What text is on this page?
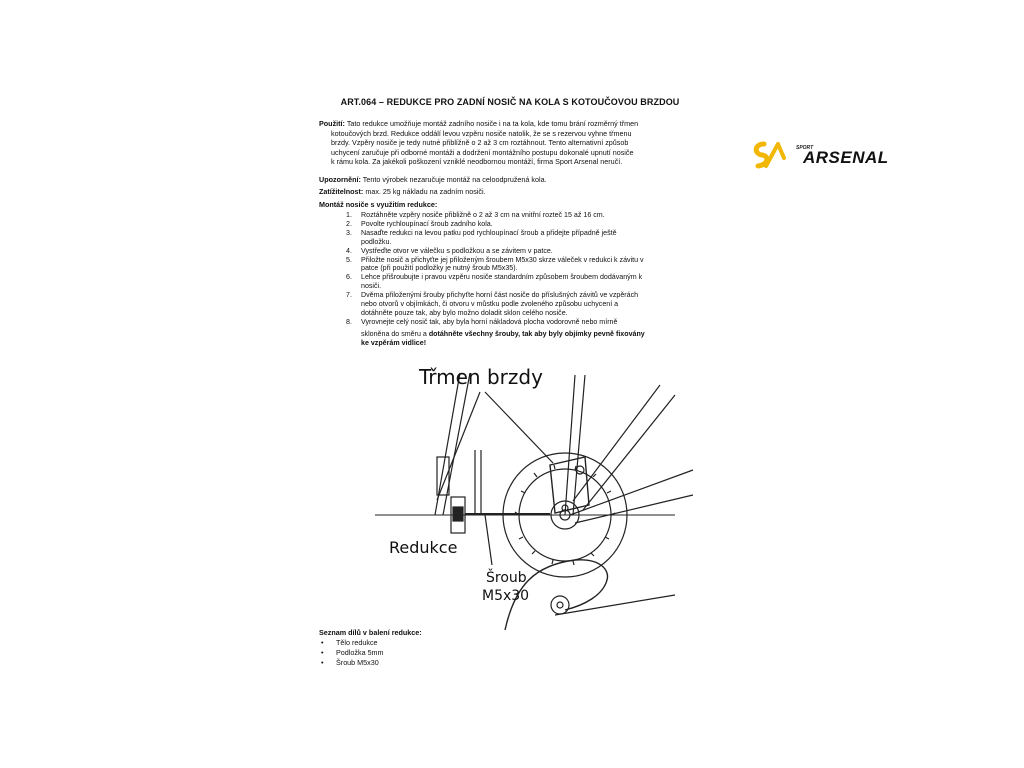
ART.064 – REDUKCE PRO ZADNÍ NOSIČ NA KOLA S KOTOUČOVOU BRZDOU
Použití: Tato redukce umožňuje montáž zadního nosiče i na ta kola, kde tomu brání rozměrný třmen
kotoučových brzd. Redukce oddálí levou vzpěru nosiče natolik, že se s rezervou vyhne třmenu
brzdy. Vzpěry nosiče je tedy nutné přiblížně o 2 až 3 cm roztáhnout. Tento alternativní způsob
uchycení zaručuje při odborné montáži a dodržení montážního postupu dokonalé upnutí nosiče
k rámu kola. Za jakékoli poškození vzniklé neodbornou montáží, firma Sport Arsenal neručí.
Upozornění: Tento výrobek nezaručuje montáž na celoodpružená kola.
Zatížitelnost: max. 25 kg nákladu na zadním nosiči.
Montáž nosiče s využitím redukce:
1. Roztáhněte vzpěry nosiče přibližně o 2 až 3 cm na vnitřní rozteč 15 až 16 cm.
2. Povolte rychloupínací šroub zadního kola.
3. Nasaďte redukci na levou patku pod rychloupínací šroub a přidejte případně ještě
podložku.
4. Vystřeďte otvor ve válečku s podložkou a se závitem v patce.
5. Přiložte nosič a přichyťte jej přiloženým šroubem M5x30 skrze váleček v redukci k závitu v
patce (při použití podložky je nutný šroub M5x35).
6. Lehce přišroubujte i pravou vzpěru nosiče standardním způsobem šroubem dodávaným k
nosiči.
7. Dvěma přiloženými šrouby přichyťte horní část nosiče do příslušných závitů ve vzpěrách
nebo otvorů v objímkách, či otvoru v můstku podle zvoleného způsobu uchycení a
dotáhněte pouze tak, aby bylo možno doladit sklon celého nosiče.
8. Vyrovnejte celý nosič tak, aby byla horní nákladová plocha vodorovně nebo mírně
skloněna do směru a dotáhněte všechny šrouby, tak aby byly objímky pevně fixovány
ke vzpěrám vidlice!
SPORT
ARSENAL
Třmen brzdy
Redukce
Šroub
M5x30
Seznam dílů v balení redukce:
• Tělo redukce
• Podložka 5mm
• Šroub M5x30
